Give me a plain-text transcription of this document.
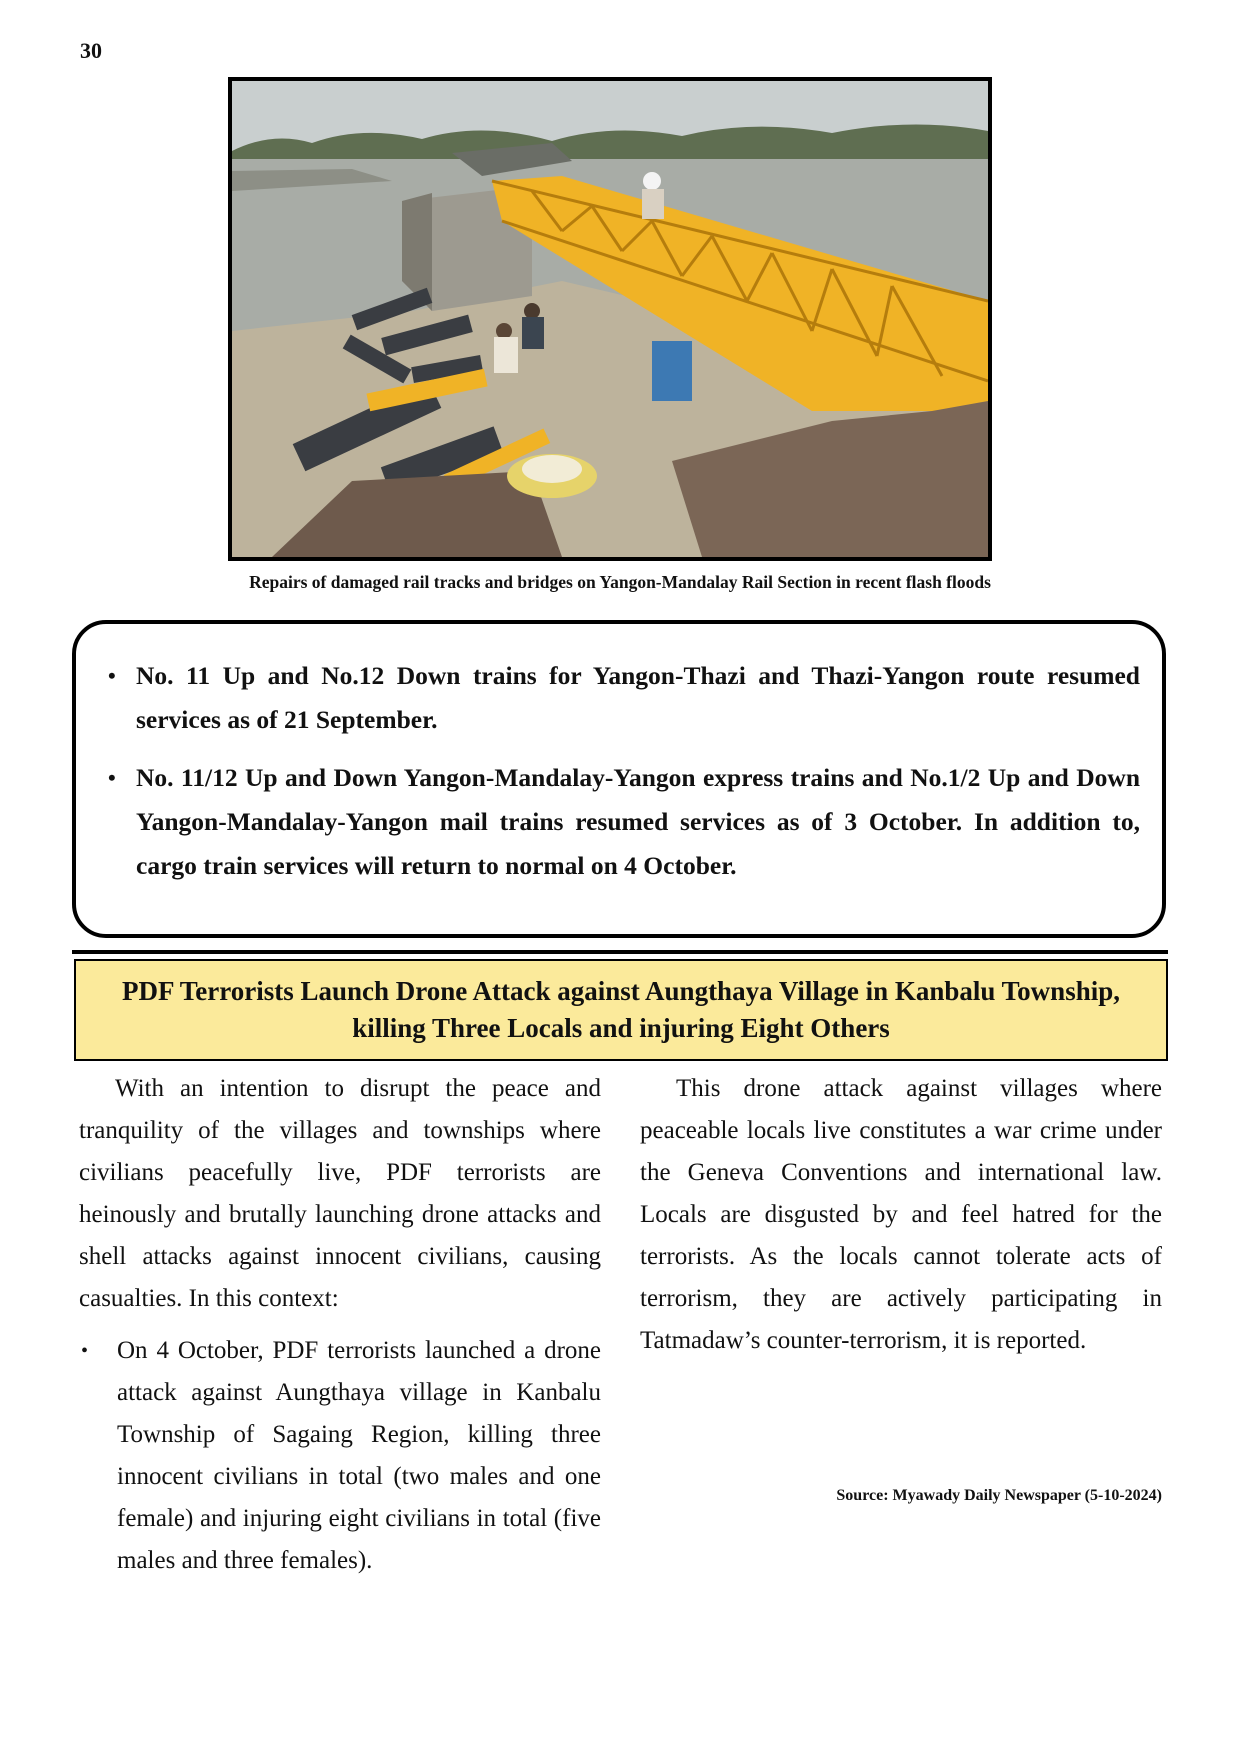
30
Repairs of damaged rail tracks and bridges on Yangon-Mandalay Rail Section in recent flash floods
• No. 11 Up and No.12 Down trains for Yangon-Thazi and Thazi-Yangon route resumed services as of 21 September.
• No. 11/12 Up and Down Yangon-Mandalay-Yangon express trains and No.1/2 Up and Down Yangon-Mandalay-Yangon mail trains resumed services as of 3 October. In addition to, cargo train services will return to normal on 4 October.
PDF Terrorists Launch Drone Attack against Aungthaya Village in Kanbalu Township, killing Three Locals and injuring Eight Others

With an intention to disrupt the peace and tranquility of the villages and townships where civilians peacefully live, PDF terrorists are heinously and brutally launching drone attacks and shell attacks against innocent civilians, causing casualties. In this context:

• On 4 October, PDF terrorists launched a drone attack against Aungthaya village in Kanbalu Township of Sagaing Region, killing three innocent civilians in total (two males and one female) and injuring eight civilians in total (five males and three females).

This drone attack against villages where peaceable locals live constitutes a war crime under the Geneva Conventions and international law. Locals are disgusted by and feel hatred for the terrorists. As the locals cannot tolerate acts of terrorism, they are actively participating in Tatmadaw’s counter-terrorism, it is reported.

Source: Myawady Daily Newspaper (5-10-2024)
